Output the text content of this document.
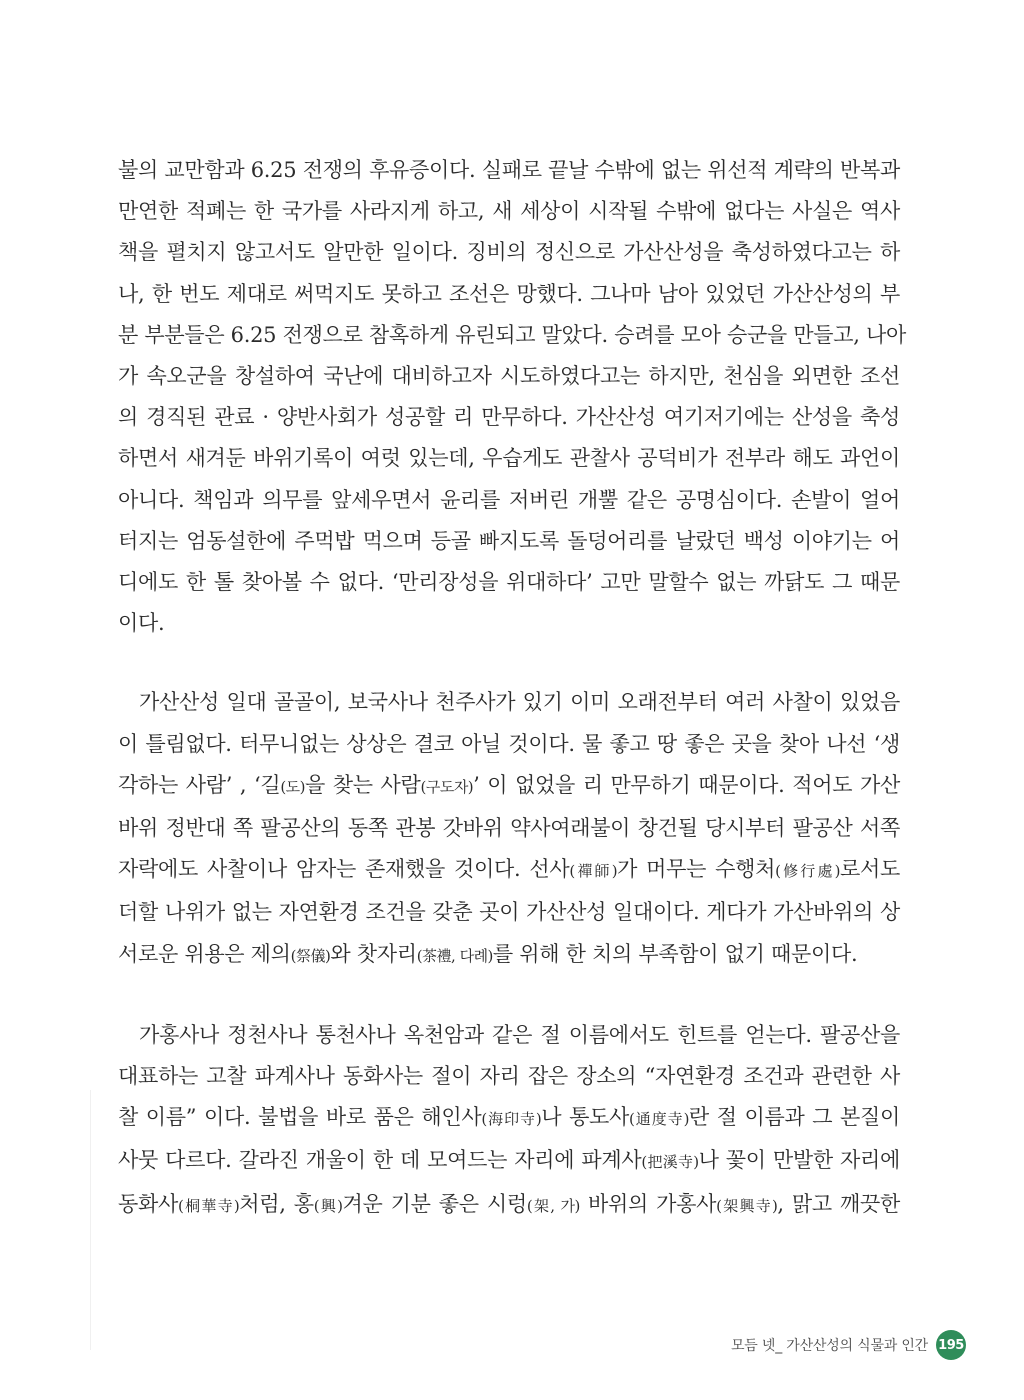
불의 교만함과 6.25 전쟁의 후유증이다. 실패로 끝날 수밖에 없는 위선적 계략의 반복과

만연한 적폐는 한 국가를 사라지게 하고, 새 세상이 시작될 수밖에 없다는 사실은 역사

책을 펼치지 않고서도 알만한 일이다. 징비의 정신으로 가산산성을 축성하였다고는 하

나, 한 번도 제대로 써먹지도 못하고 조선은 망했다. 그나마 남아 있었던 가산산성의 부

분 부분들은 6.25 전쟁으로 참혹하게 유린되고 말았다. 승려를 모아 승군을 만들고, 나아

가 속오군을 창설하여 국난에 대비하고자 시도하였다고는 하지만, 천심을 외면한 조선

의 경직된 관료 · 양반사회가 성공할 리 만무하다. 가산산성 여기저기에는 산성을 축성

하면서 새겨둔 바위기록이 여럿 있는데, 우습게도 관찰사 공덕비가 전부라 해도 과언이

아니다. 책임과 의무를 앞세우면서 윤리를 저버린 개뿔 같은 공명심이다. 손발이 얼어

터지는 엄동설한에 주먹밥 먹으며 등골 빠지도록 돌덩어리를 날랐던 백성 이야기는 어

디에도 한 톨 찾아볼 수 없다. ‘만리장성을 위대하다’ 고만 말할수 없는 까닭도 그 때문

이다.

가산산성 일대 골골이, 보국사나 천주사가 있기 이미 오래전부터 여러 사찰이 있었음

이 틀림없다. 터무니없는 상상은 결코 아닐 것이다. 물 좋고 땅 좋은 곳을 찾아 나선 ‘생

각하는 사람’ , ‘길(도)을 찾는 사람(구도자)’ 이 없었을 리 만무하기 때문이다. 적어도 가산

바위 정반대 쪽 팔공산의 동쪽 관봉 갓바위 약사여래불이 창건될 당시부터 팔공산 서쪽

자락에도 사찰이나 암자는 존재했을 것이다. 선사(禪師)가 머무는 수행처(修行處)로서도

더할 나위가 없는 자연환경 조건을 갖춘 곳이 가산산성 일대이다. 게다가 가산바위의 상

서로운 위용은 제의(祭儀)와 찻자리(茶禮, 다례)를 위해 한 치의 부족함이 없기 때문이다.

가홍사나 정천사나 통천사나 옥천암과 같은 절 이름에서도 힌트를 얻는다. 팔공산을

대표하는 고찰 파계사나 동화사는 절이 자리 잡은 장소의 “자연환경 조건과 관련한 사

찰 이름” 이다. 불법을 바로 품은 해인사(海印寺)나 통도사(通度寺)란 절 이름과 그 본질이

사뭇 다르다. 갈라진 개울이 한 데 모여드는 자리에 파계사(把溪寺)나 꽃이 만발한 자리에

동화사(桐華寺)처럼, 홍(興)겨운 기분 좋은 시렁(架, 가) 바위의 가홍사(架興寺), 맑고 깨끗한

모듬 넷_ 가산산성의 식물과 인간 195
